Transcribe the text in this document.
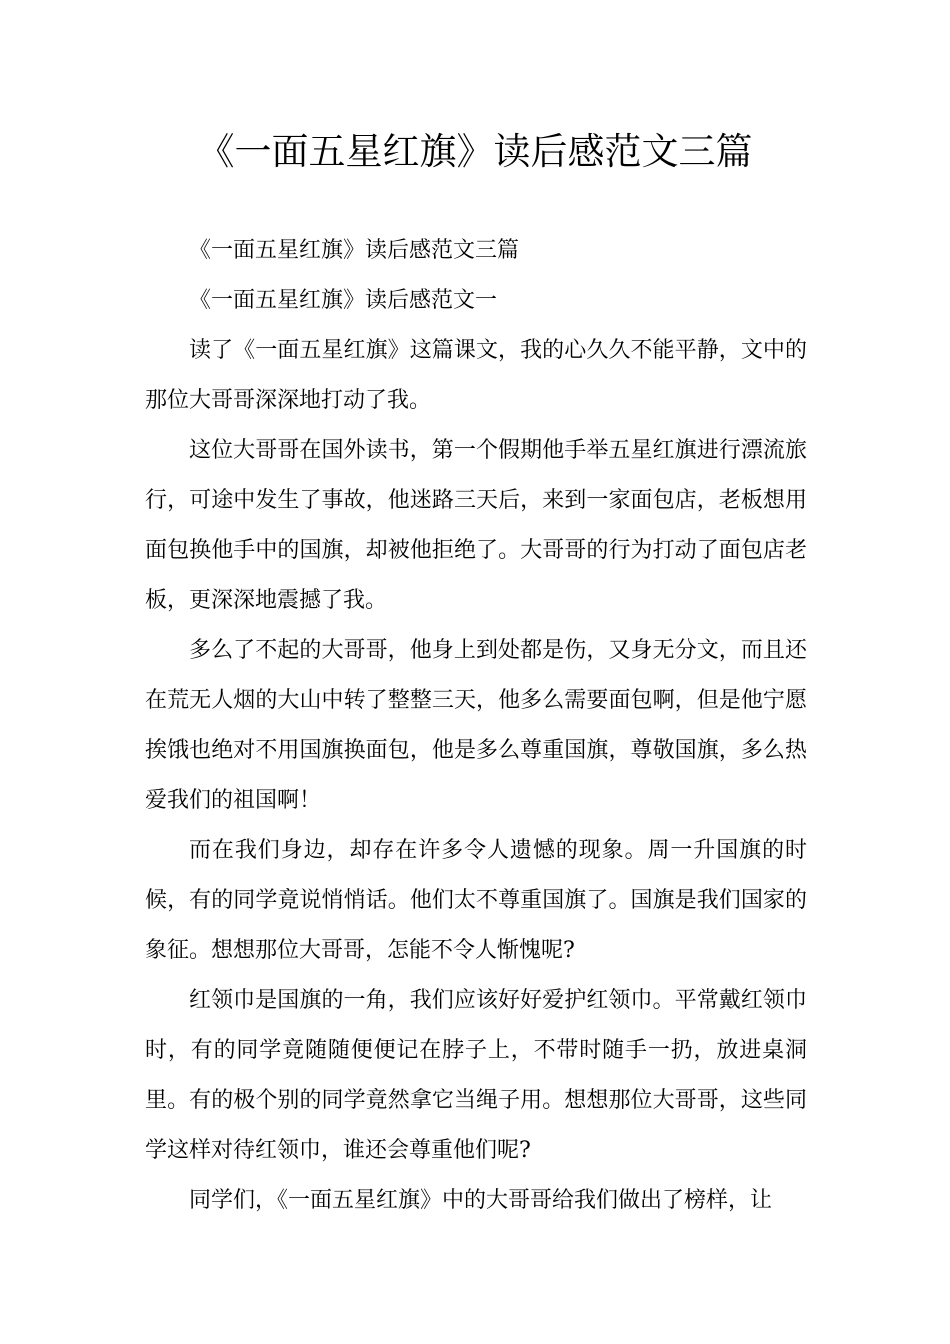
《一面五星红旗》读后感范文三篇

《一面五星红旗》读后感范文三篇

《一面五星红旗》读后感范文一

读了《一面五星红旗》这篇课文，我的心久久不能平静，文中的那位大哥哥深深地打动了我。

这位大哥哥在国外读书，第一个假期他手举五星红旗进行漂流旅行，可途中发生了事故，他迷路三天后，来到一家面包店，老板想用面包换他手中的国旗，却被他拒绝了。大哥哥的行为打动了面包店老板，更深深地震撼了我。

多么了不起的大哥哥，他身上到处都是伤，又身无分文，而且还在荒无人烟的大山中转了整整三天，他多么需要面包啊，但是他宁愿挨饿也绝对不用国旗换面包，他是多么尊重国旗，尊敬国旗，多么热爱我们的祖国啊！

而在我们身边，却存在许多令人遗憾的现象。周一升国旗的时候，有的同学竟说悄悄话。他们太不尊重国旗了。国旗是我们国家的象征。想想那位大哥哥，怎能不令人惭愧呢?

红领巾是国旗的一角，我们应该好好爱护红领巾。平常戴红领巾时，有的同学竟随随便便记在脖子上，不带时随手一扔，放进桌洞里。有的极个别的同学竟然拿它当绳子用。想想那位大哥哥，这些同学这样对待红领巾，谁还会尊重他们呢?

同学们，《一面五星红旗》中的大哥哥给我们做出了榜样，让
